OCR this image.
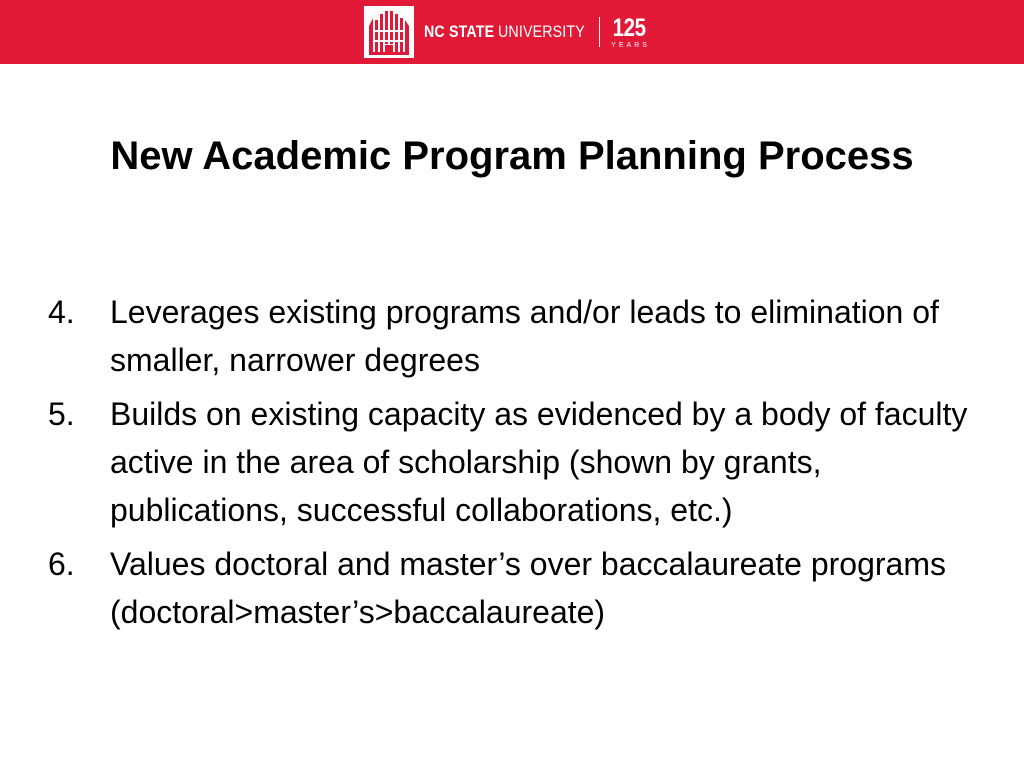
NC STATE UNIVERSITY 125
YEARS
New Academic Program Planning Process
4.	Leverages existing programs and/or leads to elimination of smaller, narrower degrees
5.	Builds on existing capacity as evidenced by a body of faculty active in the area of scholarship (shown by grants, publications, successful collaborations, etc.)
6.	Values doctoral and master’s over baccalaureate programs (doctoral>master’s>baccalaureate)
